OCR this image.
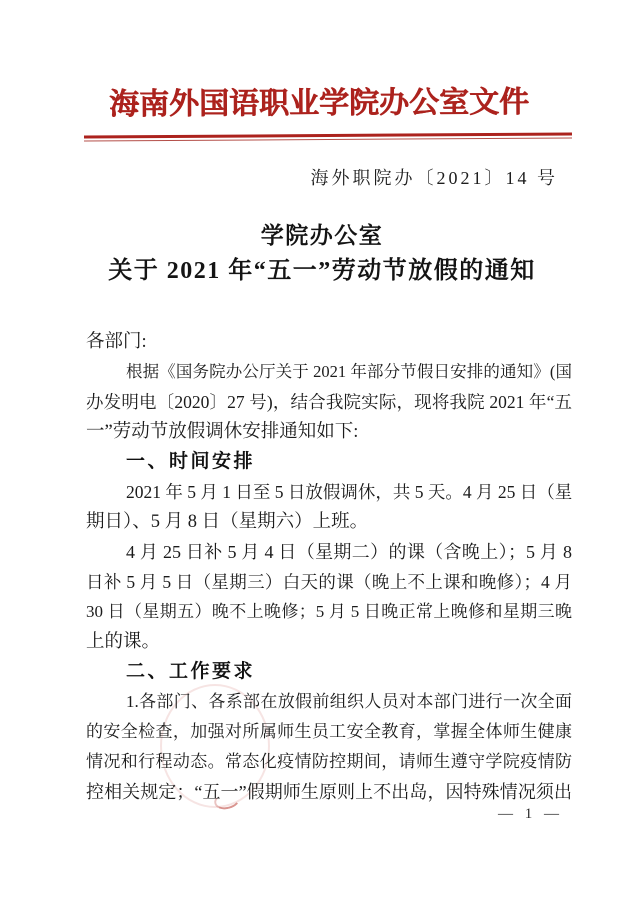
海南外国语职业学院办公室文件
海外职院办〔2021〕14 号
学院办公室
关于 2021 年“五一”劳动节放假的通知
各部门:
根据《国务院办公厅关于 2021 年部分节假日安排的通知》(国
办发明电〔2020〕27 号)，结合我院实际，现将我院 2021 年“五
一”劳动节放假调休安排通知如下:
一、时间安排
2021 年 5 月 1 日至 5 日放假调休，共 5 天。4 月 25 日（星
期日）、5 月 8 日（星期六）上班。
4 月 25 日补 5 月 4 日（星期二）的课（含晚上）；5 月 8
日补 5 月 5 日（星期三）白天的课（晚上不上课和晚修）；4 月
30 日（星期五）晚不上晚修；5 月 5 日晚正常上晚修和星期三晚
上的课。
二、工作要求
1.各部门、各系部在放假前组织人员对本部门进行一次全面
的安全检查，加强对所属师生员工安全教育，掌握全体师生健康
情况和行程动态。常态化疫情防控期间，请师生遵守学院疫情防
控相关规定；“五一”假期师生原则上不出岛，因特殊情况须出
— 1 —
